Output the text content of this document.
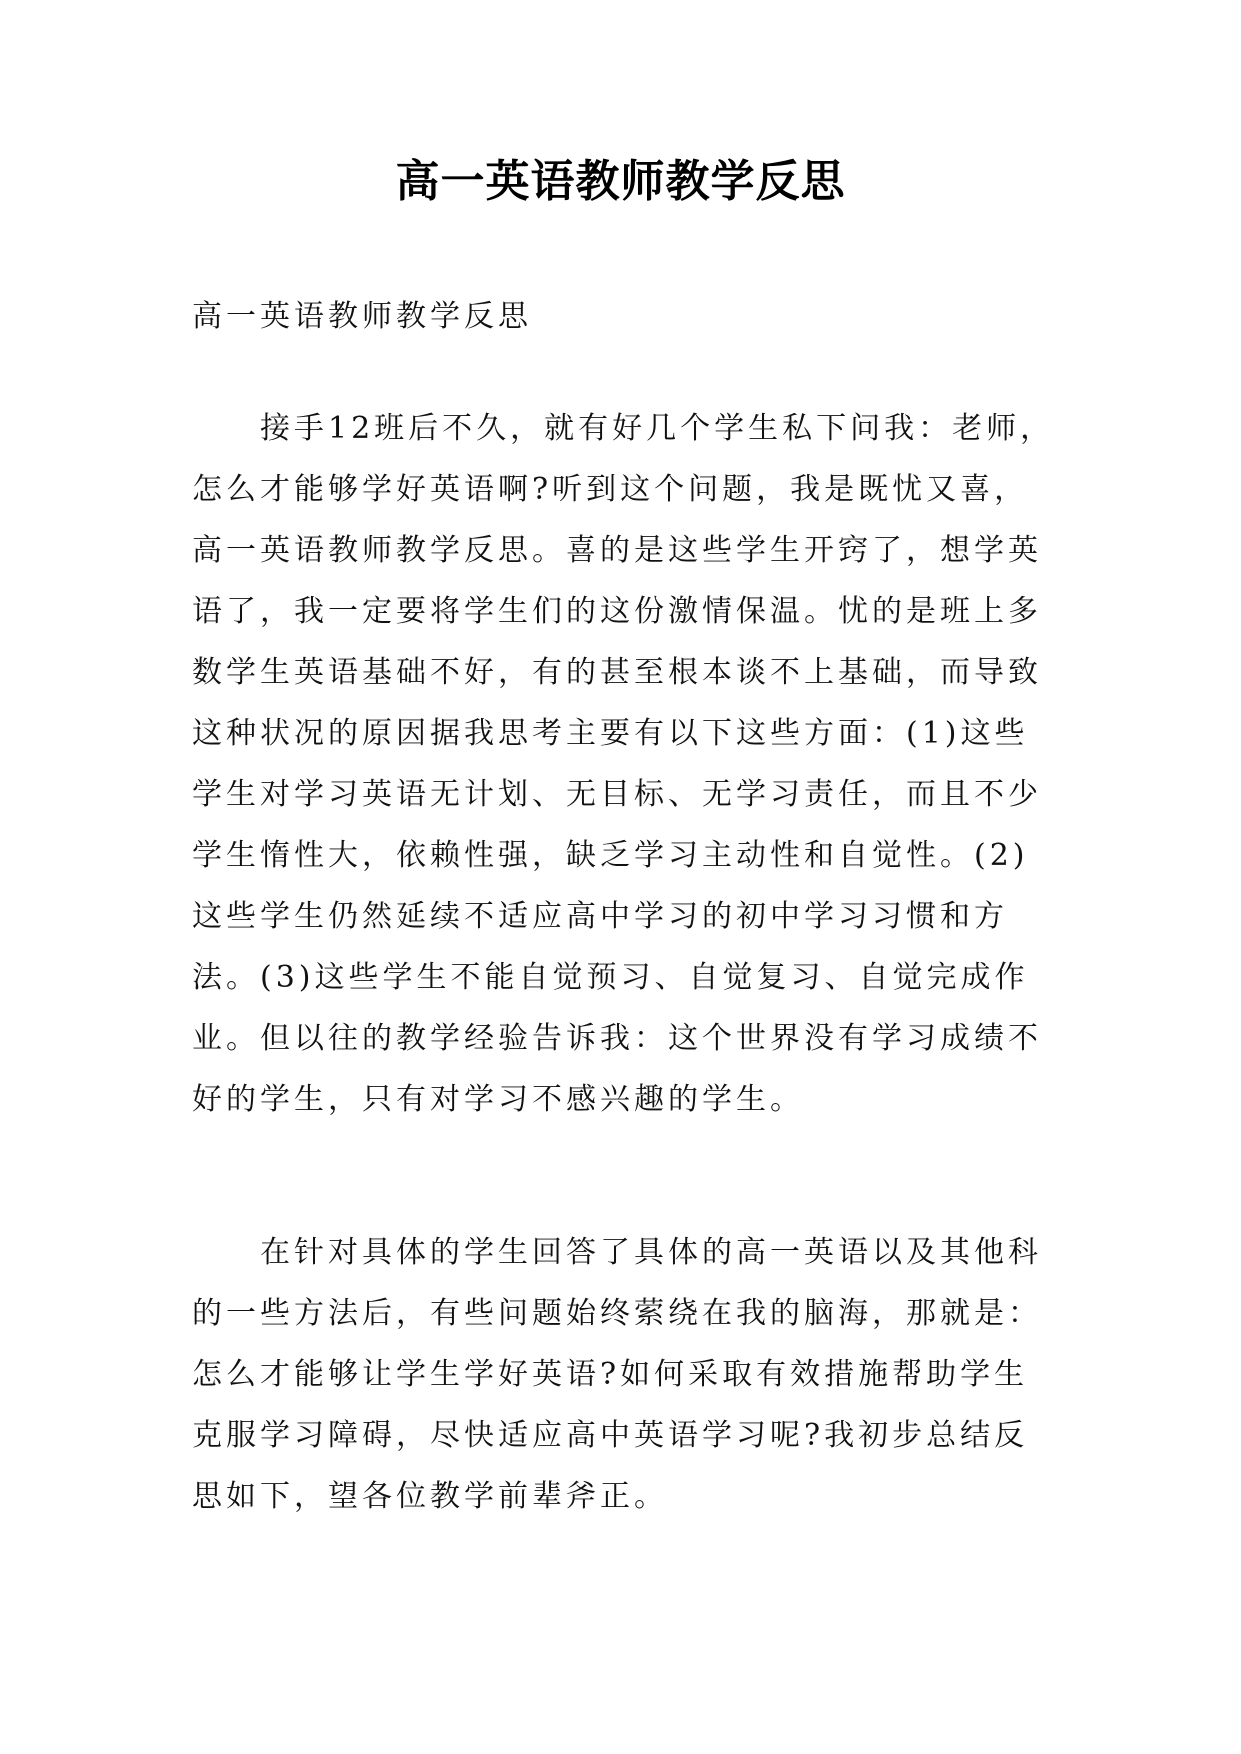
高一英语教师教学反思

高一英语教师教学反思

接手12班后不久，就有好几个学生私下问我：老师，怎么才能够学好英语啊?听到这个问题，我是既忧又喜，高一英语教师教学反思。喜的是这些学生开窍了，想学英语了，我一定要将学生们的这份激情保温。忧的是班上多数学生英语基础不好，有的甚至根本谈不上基础，而导致这种状况的原因据我思考主要有以下这些方面：(1)这些学生对学习英语无计划、无目标、无学习责任，而且不少学生惰性大，依赖性强，缺乏学习主动性和自觉性。(2)这些学生仍然延续不适应高中学习的初中学习习惯和方法。(3)这些学生不能自觉预习、自觉复习、自觉完成作业。但以往的教学经验告诉我：这个世界没有学习成绩不好的学生，只有对学习不感兴趣的学生。

在针对具体的学生回答了具体的高一英语以及其他科的一些方法后，有些问题始终萦绕在我的脑海，那就是：怎么才能够让学生学好英语?如何采取有效措施帮助学生克服学习障碍，尽快适应高中英语学习呢?我初步总结反思如下，望各位教学前辈斧正。
